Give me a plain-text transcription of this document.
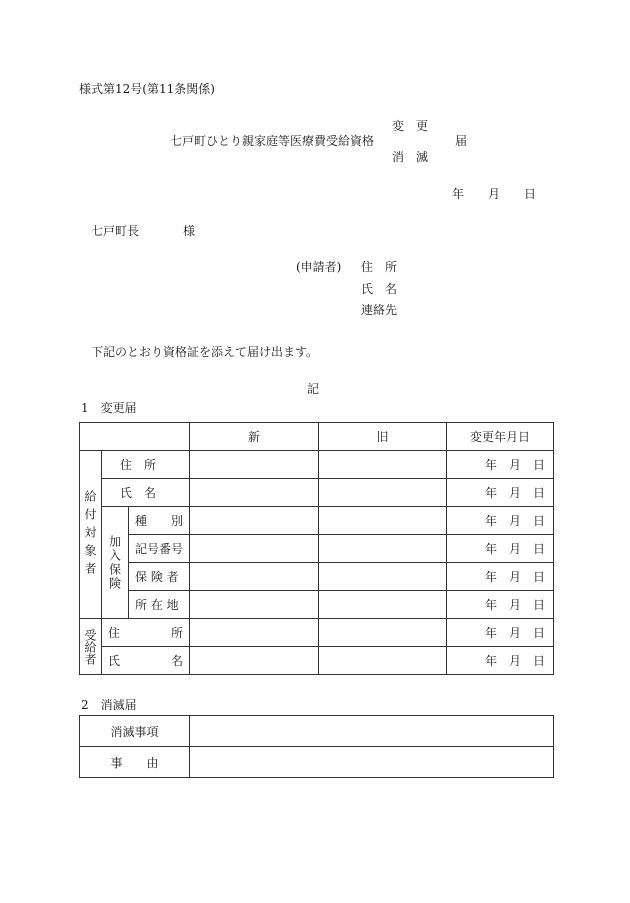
様式第12号(第11条関係)
七戸町ひとり親家庭等医療費受給資格
変　更
消　滅
届
年　　月　　日
七戸町長	様
(申請者) 住　所
氏　名
連絡先
下記のとおり資格証を添えて届け出ます。
記
1　変更届
			新	旧	変更年月日

給付対象者	住　所				年　月　日
	氏　名				年　月　日

	加入保険	種　　別			年　月　日
		記号番号			年　月　日
		保 険 者			年　月　日
		所 在 地			年　月　日

受給者	住 所				年　月　日

	氏 名				年　月　日
2　消滅届
消滅事項	
事　　由	
